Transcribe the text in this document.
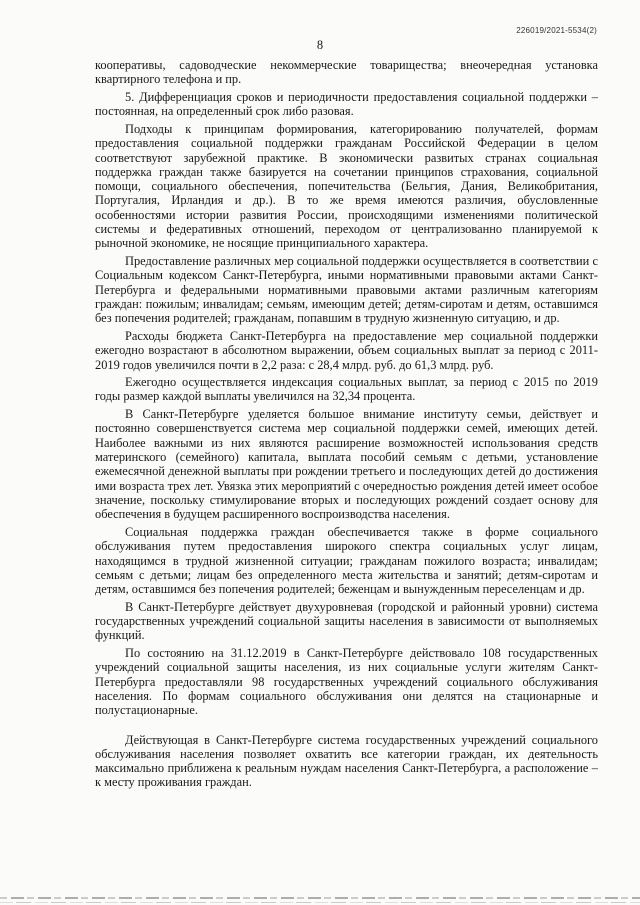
226019/2021-5534(2)
8

кооперативы, садоводческие некоммерческие товарищества; внеочередная установка квартирного телефона и пр.

5. Дифференциация сроков и периодичности предоставления социальной поддержки – постоянная, на определенный срок либо разовая.

Подходы к принципам формирования, категорированию получателей, формам предоставления социальной поддержки гражданам Российской Федерации в целом соответствуют зарубежной практике. В экономически развитых странах социальная поддержка граждан также базируется на сочетании принципов страхования, социальной помощи, социального обеспечения, попечительства (Бельгия, Дания, Великобритания, Португалия, Ирландия и др.). В то же время имеются различия, обусловленные особенностями истории развития России, происходящими изменениями политической системы и федеративных отношений, переходом от централизованно планируемой к рыночной экономике, не носящие принципиального характера.

Предоставление различных мер социальной поддержки осуществляется в соответствии с Социальным кодексом Санкт-Петербурга, иными нормативными правовыми актами Санкт-Петербурга и федеральными нормативными правовыми актами различным категориям граждан: пожилым; инвалидам; семьям, имеющим детей; детям-сиротам и детям, оставшимся без попечения родителей; гражданам, попавшим в трудную жизненную ситуацию, и др.

Расходы бюджета Санкт-Петербурга на предоставление мер социальной поддержки ежегодно возрастают в абсолютном выражении, объем социальных выплат за период с 2011-2019 годов увеличился почти в 2,2 раза: с 28,4 млрд. руб. до 61,3 млрд. руб.

Ежегодно осуществляется индексация социальных выплат, за период с 2015 по 2019 годы размер каждой выплаты увеличился на 32,34 процента.

В Санкт-Петербурге уделяется большое внимание институту семьи, действует и постоянно совершенствуется система мер социальной поддержки семей, имеющих детей. Наиболее важными из них являются расширение возможностей использования средств материнского (семейного) капитала, выплата пособий семьям с детьми, установление ежемесячной денежной выплаты при рождении третьего и последующих детей до достижения ими возраста трех лет. Увязка этих мероприятий с очередностью рождения детей имеет особое значение, поскольку стимулирование вторых и последующих рождений создает основу для обеспечения в будущем расширенного воспроизводства населения.

Социальная поддержка граждан обеспечивается также в форме социального обслуживания путем предоставления широкого спектра социальных услуг лицам, находящимся в трудной жизненной ситуации; гражданам пожилого возраста; инвалидам; семьям с детьми; лицам без определенного места жительства и занятий; детям-сиротам и детям, оставшимся без попечения родителей; беженцам и вынужденным переселенцам и др.

В Санкт-Петербурге действует двухуровневая (городской и районный уровни) система государственных учреждений социальной защиты населения в зависимости от выполняемых функций.

По состоянию на 31.12.2019 в Санкт-Петербурге действовало 108 государственных учреждений социальной защиты населения, из них социальные услуги жителям Санкт-Петербурга предоставляли 98 государственных учреждений социального обслуживания населения. По формам социального обслуживания они делятся на стационарные и полустационарные.

Действующая в Санкт-Петербурге система государственных учреждений социального обслуживания населения позволяет охватить все категории граждан, их деятельность максимально приближена к реальным нуждам населения Санкт-Петербурга, а расположение – к месту проживания граждан.
